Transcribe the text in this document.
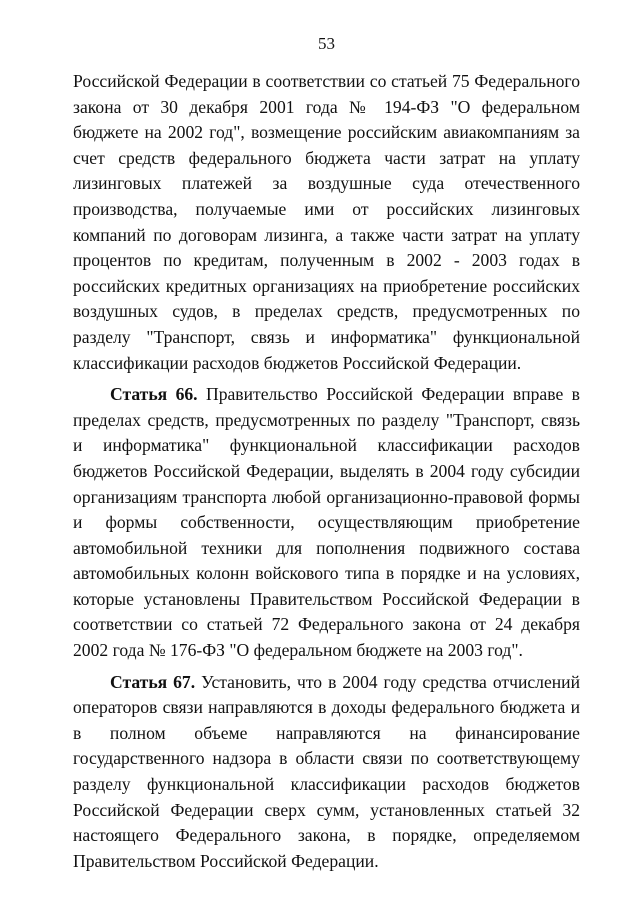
53

Российской Федерации в соответствии со статьей 75 Федерального закона от 30 декабря 2001 года № 194-ФЗ "О федеральном бюджете на 2002 год", возмещение российским авиакомпаниям за счет средств федерального бюджета части затрат на уплату лизинговых платежей за воздушные суда отечественного производства, получаемые ими от российских лизинговых компаний по договорам лизинга, а также части затрат на уплату процентов по кредитам, полученным в 2002 - 2003 годах в российских кредитных организациях на приобретение российских воздушных судов, в пределах средств, предусмотренных по разделу "Транспорт, связь и информатика" функциональной классификации расходов бюджетов Российской Федерации.

Статья 66. Правительство Российской Федерации вправе в пределах средств, предусмотренных по разделу "Транспорт, связь и информатика" функциональной классификации расходов бюджетов Российской Федерации, выделять в 2004 году субсидии организациям транспорта любой организационно-правовой формы и формы собственности, осуществляющим приобретение автомобильной техники для пополнения подвижного состава автомобильных колонн войскового типа в порядке и на условиях, которые установлены Правительством Российской Федерации в соответствии со статьей 72 Федерального закона от 24 декабря 2002 года № 176-ФЗ "О федеральном бюджете на 2003 год".

Статья 67. Установить, что в 2004 году средства отчислений операторов связи направляются в доходы федерального бюджета и в полном объеме направляются на финансирование государственного надзора в области связи по соответствующему разделу функциональной классификации расходов бюджетов Российской Федерации сверх сумм, установленных статьей 32 настоящего Федерального закона, в порядке, определяемом Правительством Российской Федерации.
